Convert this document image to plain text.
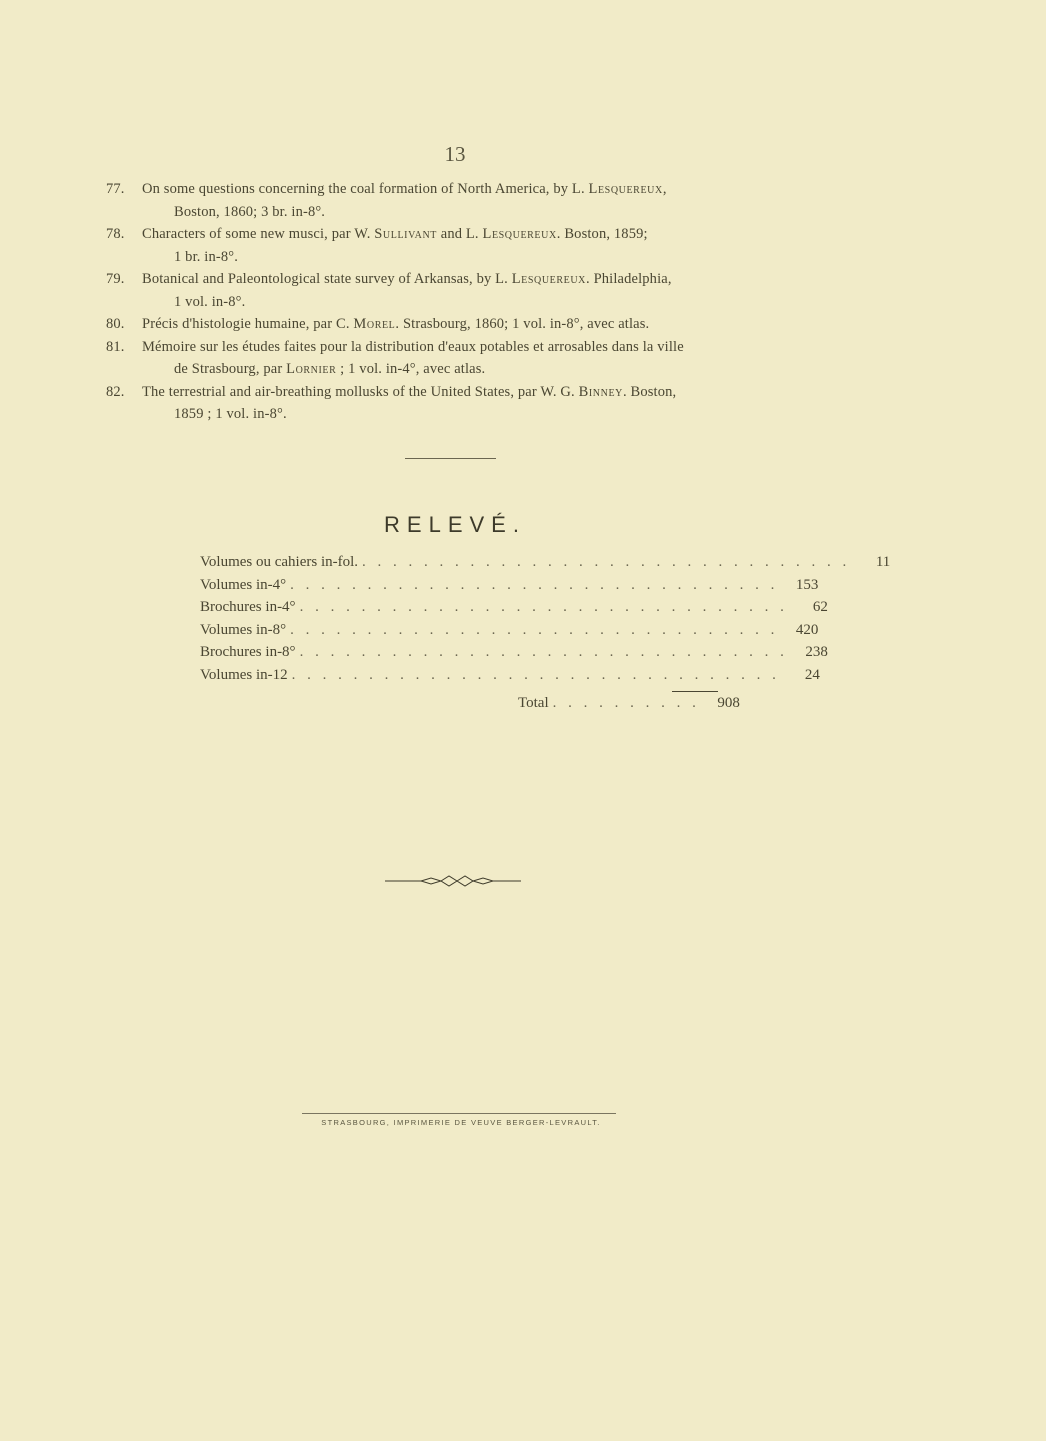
13
77.	On some questions concerning the coal formation of North America, by L. Lesquereux,
Boston, 1860; 3 br. in-8°.
78.	Characters of some new musci, par W. Sullivant and L. Lesquereux. Boston, 1859;
1 br. in-8°.
79.	Botanical and Paleontological state survey of Arkansas, by L. Lesquereux. Philadelphia,
1 vol. in-8°.
80.	Précis d'histologie humaine, par C. Morel. Strasbourg, 1860; 1 vol. in-8°, avec atlas.
81.	Mémoire sur les études faites pour la distribution d'eaux potables et arrosables dans la ville
de Strasbourg, par Lornier ; 1 vol. in-4°, avec atlas.
82.	The terrestrial and air-breathing mollusks of the United States, par W. G. Binney. Boston,
1859 ; 1 vol. in-8°.
RELEVÉ.
Volumes ou cahiers in-fol. . . . . . . . . . . . . . . . . . . . . . . . . . . . . . . . .	11
Volumes in-4° . . . . . . . . . . . . . . . . . . . . . . . . . . . . . . . .	153
Brochures in-4° . . . . . . . . . . . . . . . . . . . . . . . . . . . . . . . .	62
Volumes in-8° . . . . . . . . . . . . . . . . . . . . . . . . . . . . . . . .	420
Brochures in-8° . . . . . . . . . . . . . . . . . . . . . . . . . . . . . . . .	238
Volumes in-12 . . . . . . . . . . . . . . . . . . . . . . . . . . . . . . . .	24
Total . . . . . . . . . .	908
STRASBOURG, IMPRIMERIE DE VEUVE BERGER-LEVRAULT.
